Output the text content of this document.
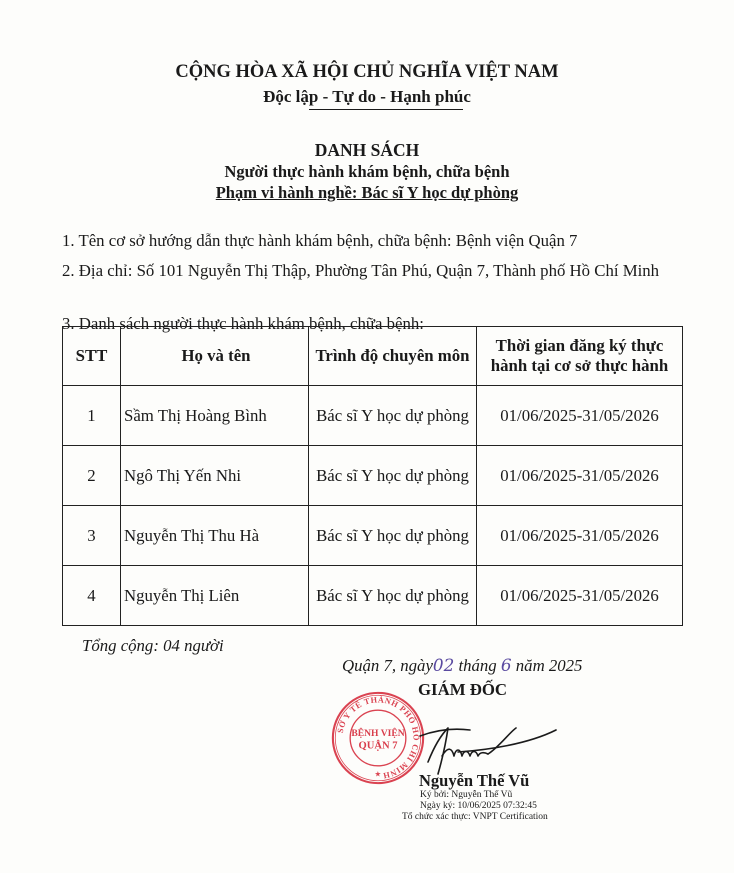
CỘNG HÒA XÃ HỘI CHỦ NGHĨA VIỆT NAM
Độc lập - Tự do - Hạnh phúc
DANH SÁCH
Người thực hành khám bệnh, chữa bệnh
Phạm vi hành nghề: Bác sĩ Y học dự phòng
1. Tên cơ sở hướng dẫn thực hành khám bệnh, chữa bệnh: Bệnh viện Quận 7
2. Địa chỉ: Số 101 Nguyễn Thị Thập, Phường Tân Phú, Quận 7, Thành phố Hồ Chí Minh
3. Danh sách người thực hành khám bệnh, chữa bệnh:
STT	Họ và tên	Trình độ chuyên môn	Thời gian đăng ký thực hành tại cơ sở thực hành
1	Sầm Thị Hoàng Bình	Bác sĩ Y học dự phòng	01/06/2025-31/05/2026
2	Ngô Thị Yến Nhi	Bác sĩ Y học dự phòng	01/06/2025-31/05/2026
3	Nguyễn Thị Thu Hà	Bác sĩ Y học dự phòng	01/06/2025-31/05/2026
4	Nguyễn Thị Liên	Bác sĩ Y học dự phòng	01/06/2025-31/05/2026
Tổng cộng: 04 người
Quận 7, ngày02 tháng 6 năm 2025
GIÁM ĐỐC
SỞ Y TẾ THÀNH PHỐ HỒ CHÍ MINH
BỆNH VIỆN
QUẬN 7
★ Nguyễn Thế Vũ
Ký bởi: Nguyễn Thế Vũ
Ngày ký: 10/06/2025 07:32:45
Tổ chức xác thực: VNPT Certification
